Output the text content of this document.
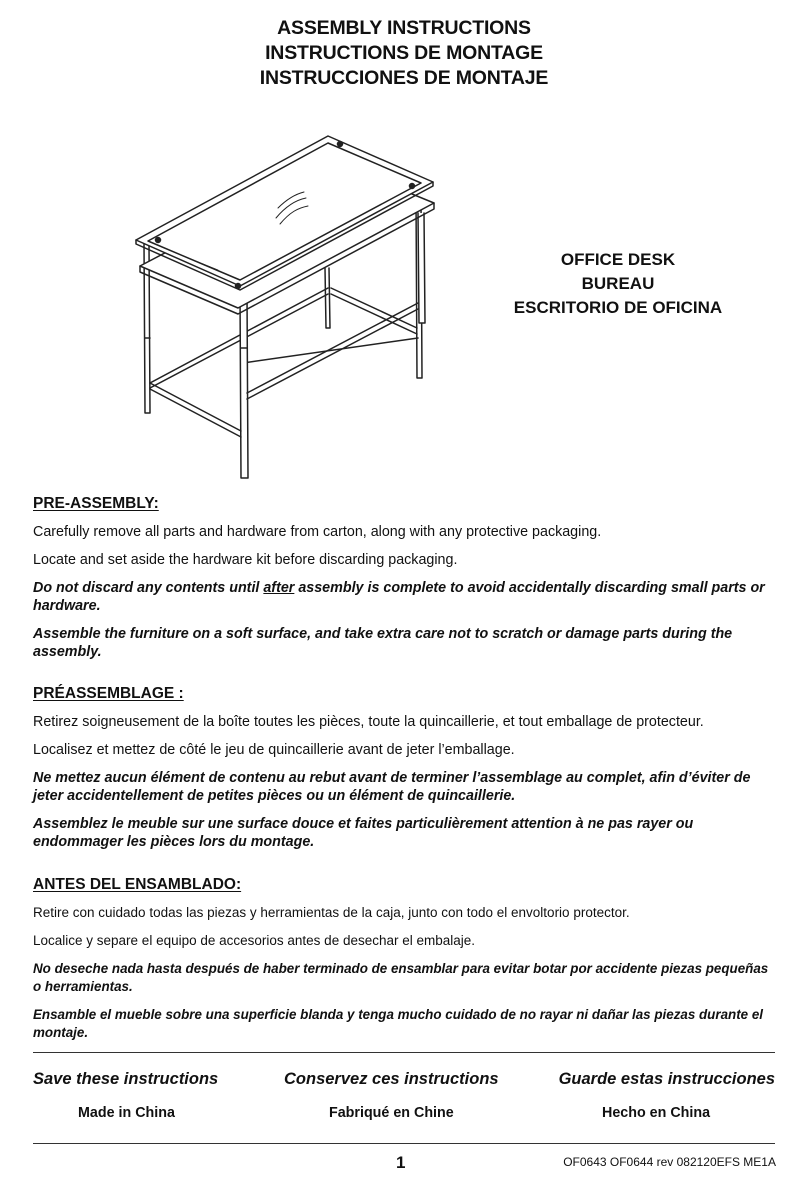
ASSEMBLY INSTRUCTIONS
INSTRUCTIONS DE MONTAGE
INSTRUCCIONES DE MONTAJE
OFFICE DESK
BUREAU
ESCRITORIO DE OFICINA
PRE-ASSEMBLY:

Carefully remove all parts and hardware from carton, along with any protective packaging.

Locate and set aside the hardware kit before discarding packaging.

Do not discard any contents until after assembly is complete to avoid accidentally discarding small parts or hardware.

Assemble the furniture on a soft surface, and take extra care not to scratch or damage parts during the assembly.

PRÉASSEMBLAGE :

Retirez soigneusement de la boîte toutes les pièces, toute la quincaillerie, et tout emballage de protecteur.

Localisez et mettez de côté le jeu de quincaillerie avant de jeter l’emballage.

Ne mettez aucun élément de contenu au rebut avant de terminer l’assemblage au complet, afin d’éviter de jeter accidentellement de petites pièces ou un élément de quincaillerie.

Assemblez le meuble sur une surface douce et faites particulièrement attention à ne pas rayer ou endommager les pièces lors du montage.

ANTES DEL ENSAMBLADO:

Retire con cuidado todas las piezas y herramientas de la caja, junto con todo el envoltorio protector.

Localice y separe el equipo de accesorios antes de desechar el embalaje.

No deseche nada hasta después de haber terminado de ensamblar para evitar botar por accidente piezas pequeñas o herramientas.

Ensamble el mueble sobre una superficie blanda y tenga mucho cuidado de no rayar ni dañar las piezas durante el montaje.

Save these instructions	Conservez ces instructions	Guarde estas instrucciones
Made in China	Fabriqué en Chine	Hecho en China
1	OF0643 OF0644 rev 082120EFS ME1A
